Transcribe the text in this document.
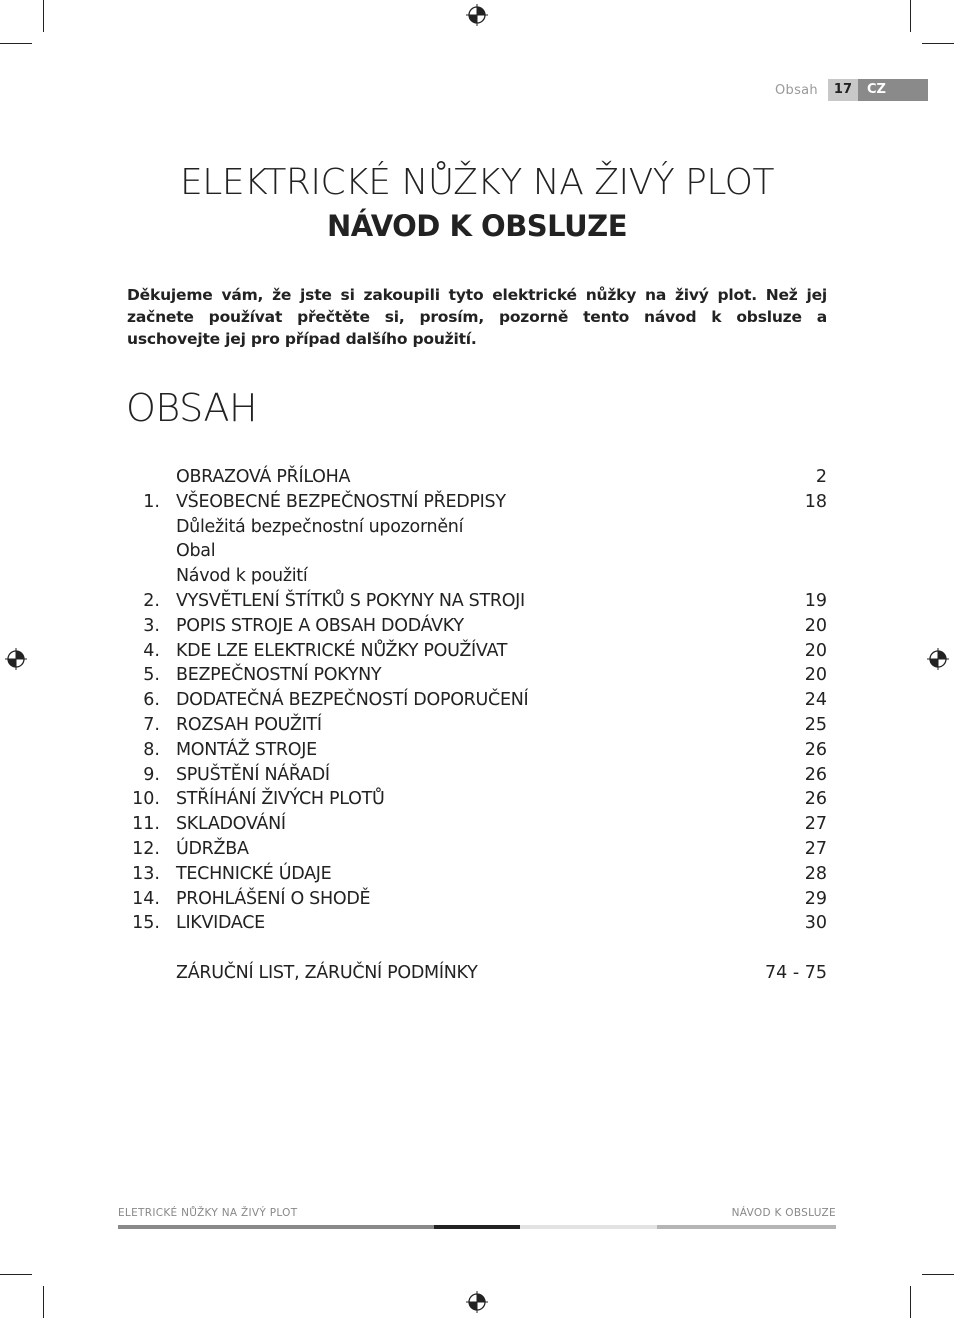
Obsah	17	CZ
ELEKTRICKÉ NŮŽKY NA ŽIVÝ PLOT
NÁVOD K OBSLUZE

Děkujeme vám, že jste si zakoupili tyto elektrické nůžky na živý plot. Než jej začnete používat přečtěte si, prosím, pozorně tento návod k obsluze a uschovejte jej pro případ dalšího použití.

OBSAH
OBRAZOVÁ PŘÍLOHA	2
1. VŠEOBECNÉ BEZPEČNOSTNÍ PŘEDPISY	18
Důležitá bezpečnostní upozornění
Obal
Návod k použití
2. VYSVĚTLENÍ ŠTÍTKŮ S POKYNY NA STROJI	19
3. POPIS STROJE A OBSAH DODÁVKY	20
4. KDE LZE ELEKTRICKÉ NŮŽKY POUŽÍVAT	20
5. BEZPEČNOSTNÍ POKYNY	20
6. DODATEČNÁ BEZPEČNOSTÍ DOPORUČENÍ	24
7. ROZSAH POUŽITÍ	25
8. MONTÁŽ STROJE	26
9. SPUŠTĚNÍ NÁŘADÍ	26
10. STŘÍHÁNÍ ŽIVÝCH PLOTŮ	26
11. SKLADOVÁNÍ	27
12. ÚDRŽBA	27
13. TECHNICKÉ ÚDAJE	28
14. PROHLÁŠENÍ O SHODĚ	29
15. LIKVIDACE	30
ZÁRUČNÍ LIST, ZÁRUČNÍ PODMÍNKY	74 - 75
ELETRICKÉ NŮŽKY NA ŽIVÝ PLOT	NÁVOD K OBSLUZE
